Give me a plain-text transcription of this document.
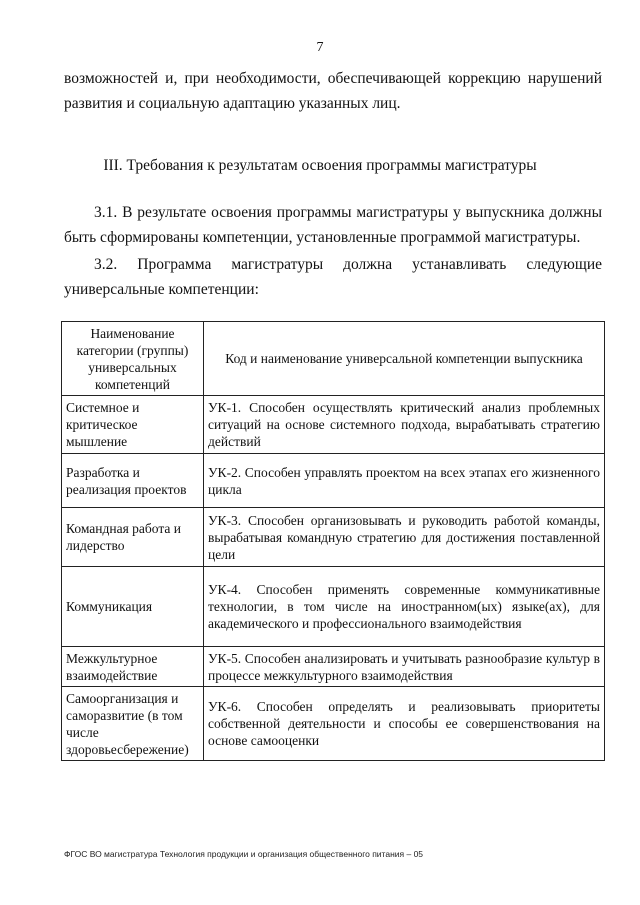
7
возможностей и, при необходимости, обеспечивающей коррекцию нарушений развития и социальную адаптацию указанных лиц.
III. Требования к результатам освоения программы магистратуры
3.1. В результате освоения программы магистратуры у выпускника должны быть сформированы компетенции, установленные программой магистратуры.
3.2. Программа магистратуры должна устанавливать следующие универсальные компетенции:
Наименование категории (группы) универсальных компетенций	Код и наименование универсальной компетенции выпускника
Системное и критическое мышление	УК-1. Способен осуществлять критический анализ проблемных ситуаций на основе системного подхода, вырабатывать стратегию действий
Разработка и реализация проектов	УК-2. Способен управлять проектом на всех этапах его жизненного цикла
Командная работа и лидерство	УК-3. Способен организовывать и руководить работой команды, вырабатывая командную стратегию для достижения поставленной цели
Коммуникация	УК-4. Способен применять современные коммуникативные технологии, в том числе на иностранном(ых) языке(ах), для академического и профессионального взаимодействия
Межкультурное взаимодействие	УК-5. Способен анализировать и учитывать разнообразие культур в процессе межкультурного взаимодействия
Самоорганизация и саморазвитие (в том числе здоровьесбережение)	УК-6. Способен определять и реализовывать приоритеты собственной деятельности и способы ее совершенствования на основе самооценки
ФГОС ВО магистратура Технология продукции и организация общественного питания – 05
